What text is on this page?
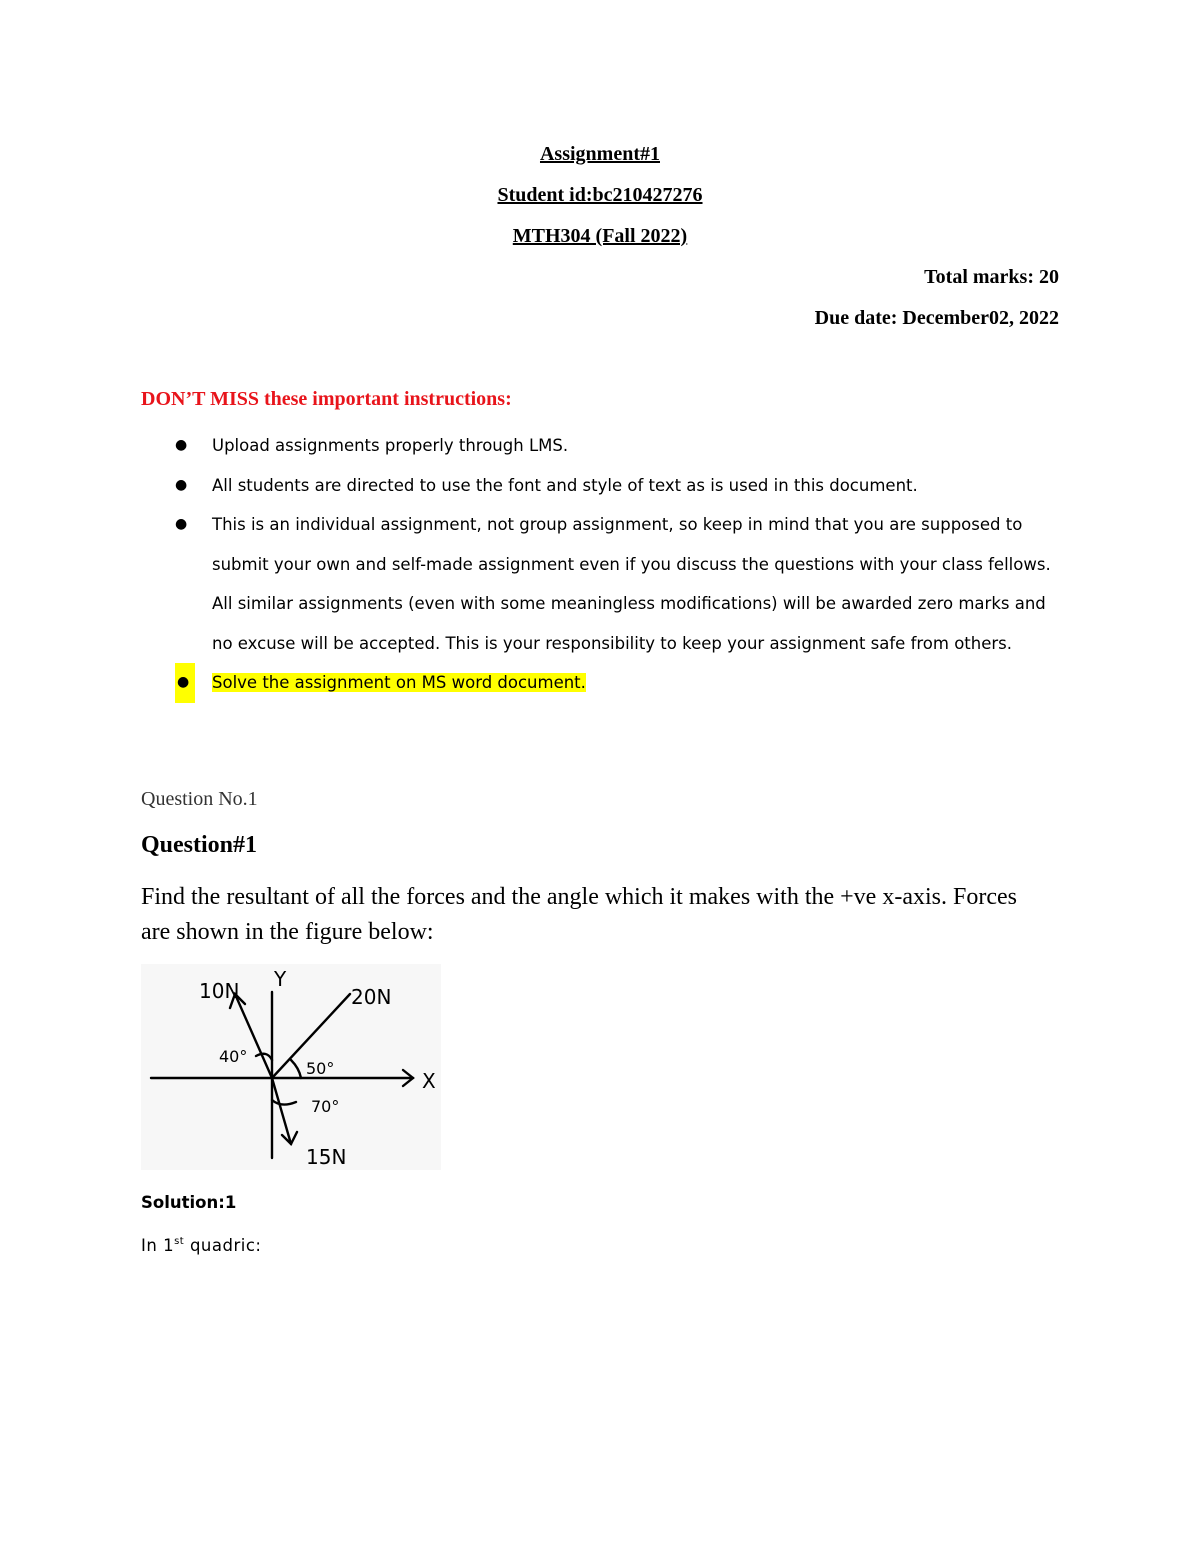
Assignment#1
Student id:bc210427276
MTH304 (Fall 2022)
Total marks: 20
Due date: December02, 2022
DON’T MISS these important instructions:
● Upload assignments properly through LMS.
● All students are directed to use the font and style of text as is used in this document.
● This is an individual assignment, not group assignment, so keep in mind that you are supposed to submit your own and self-made assignment even if you discuss the questions with your class fellows. All similar assignments (even with some meaningless modifications) will be awarded zero marks and no excuse will be accepted. This is your responsibility to keep your assignment safe from others.
●	Solve the assignment on MS word document.
Question No.1
Question#1
Find the resultant of all the forces and the angle which it makes with the +ve x-axis. Forces are shown in the figure below:
10N	20N
15N
40°
50°
70°
X
Y
Solution:1
In 1st quadric:
